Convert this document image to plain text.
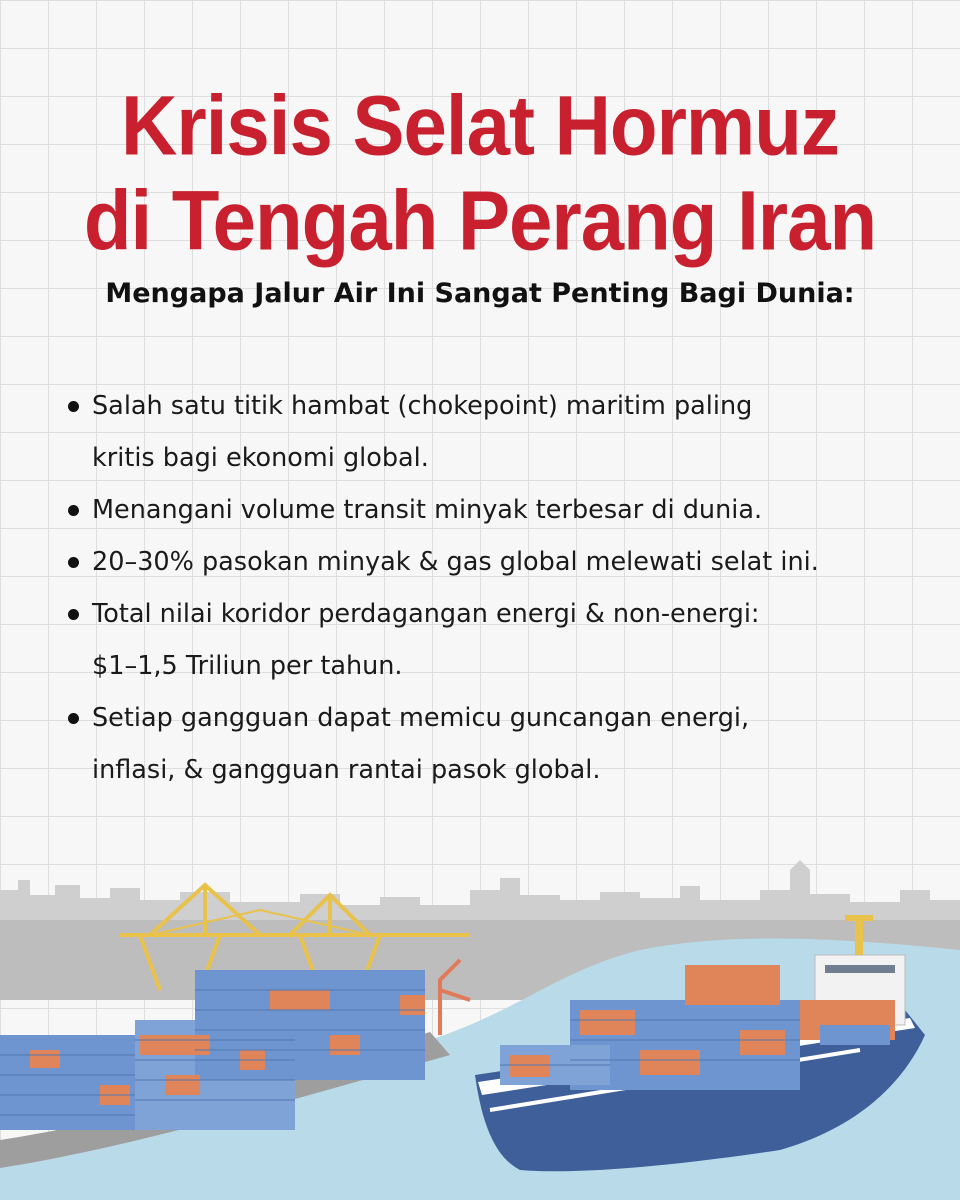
Krisis Selat Hormuz
di Tengah Perang Iran
Mengapa Jalur Air Ini Sangat Penting Bagi Dunia:
Salah satu titik hambat (chokepoint) maritim paling
kritis bagi ekonomi global.
Menangani volume transit minyak terbesar di dunia.
20–30% pasokan minyak & gas global melewati selat ini.
Total nilai koridor perdagangan energi & non-energi:
$1–1,5 Triliun per tahun.
Setiap gangguan dapat memicu guncangan energi,
inflasi, & gangguan rantai pasok global.
